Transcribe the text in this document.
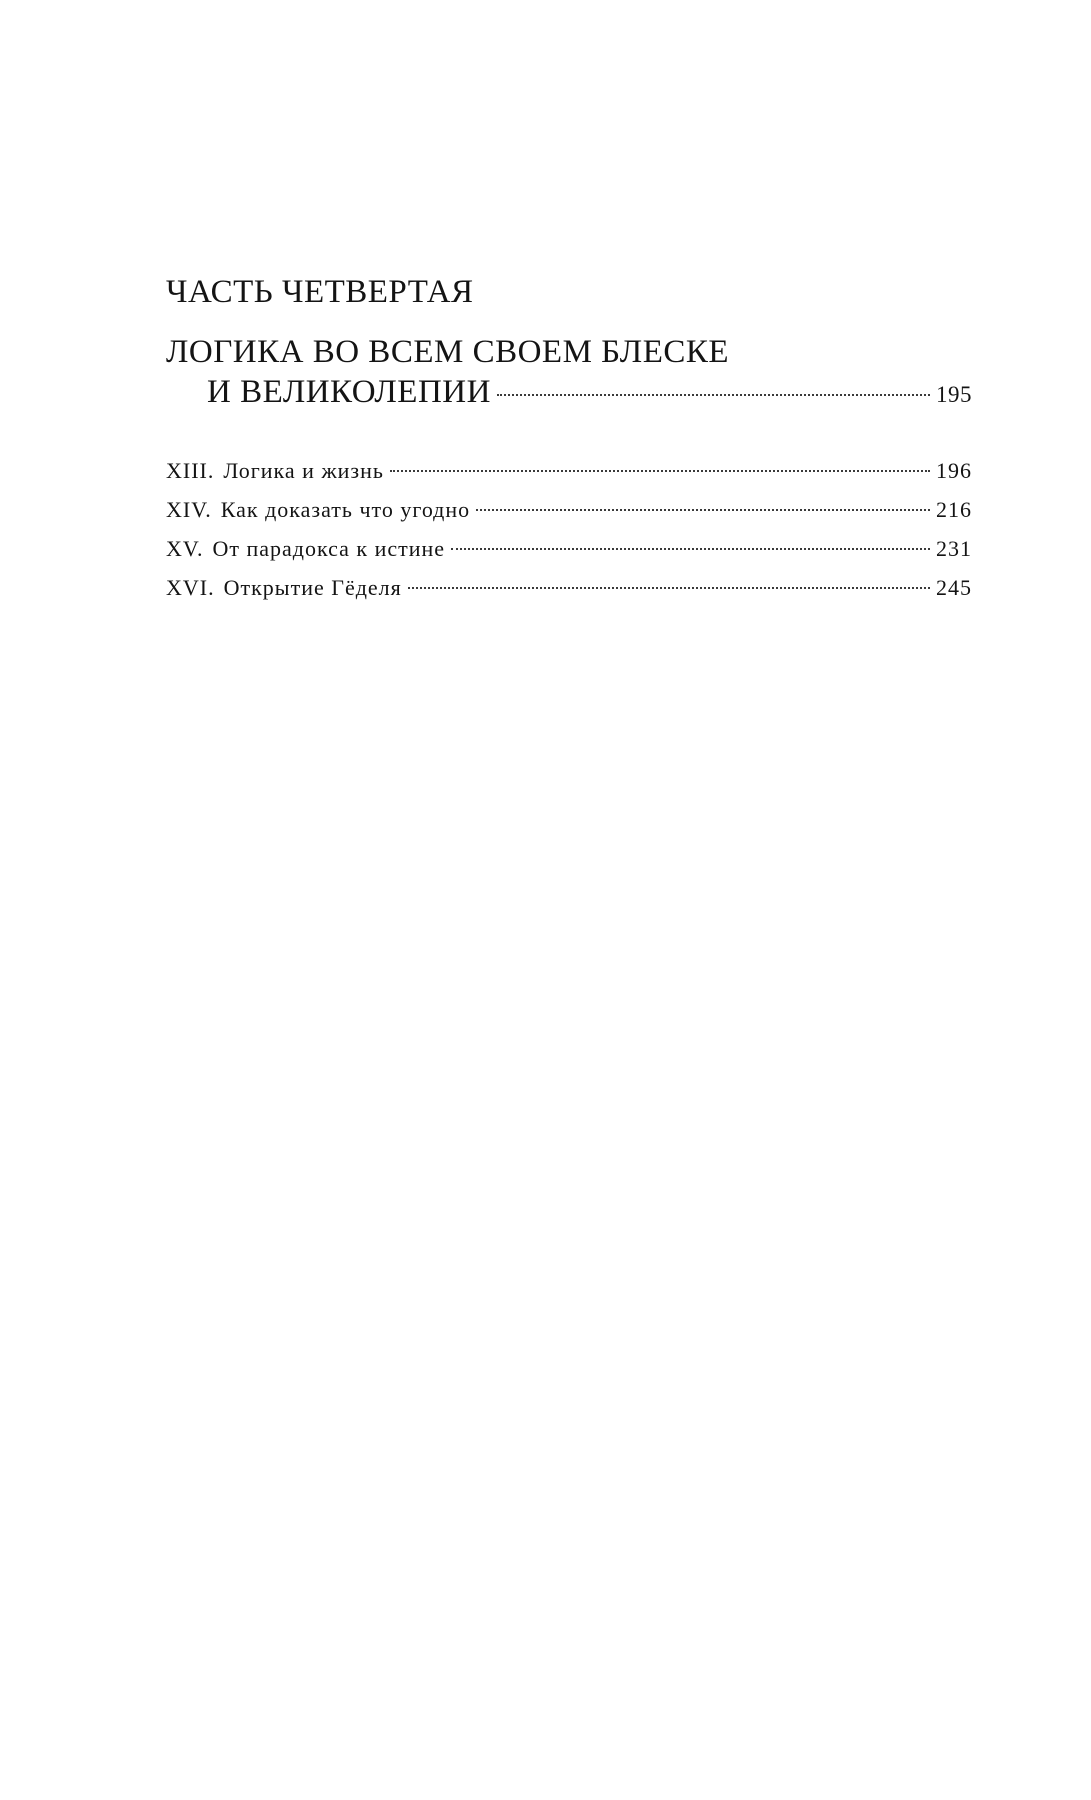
ЧАСТЬ ЧЕТВЕРТАЯ
ЛОГИКА ВО ВСЕМ СВОЕМ БЛЕСКЕ
И ВЕЛИКОЛЕПИИ	195
XIII. Логика и жизнь	196
XIV. Как доказать что угодно	216
XV. От парадокса к истине	231
XVI. Открытие Гёделя	245
